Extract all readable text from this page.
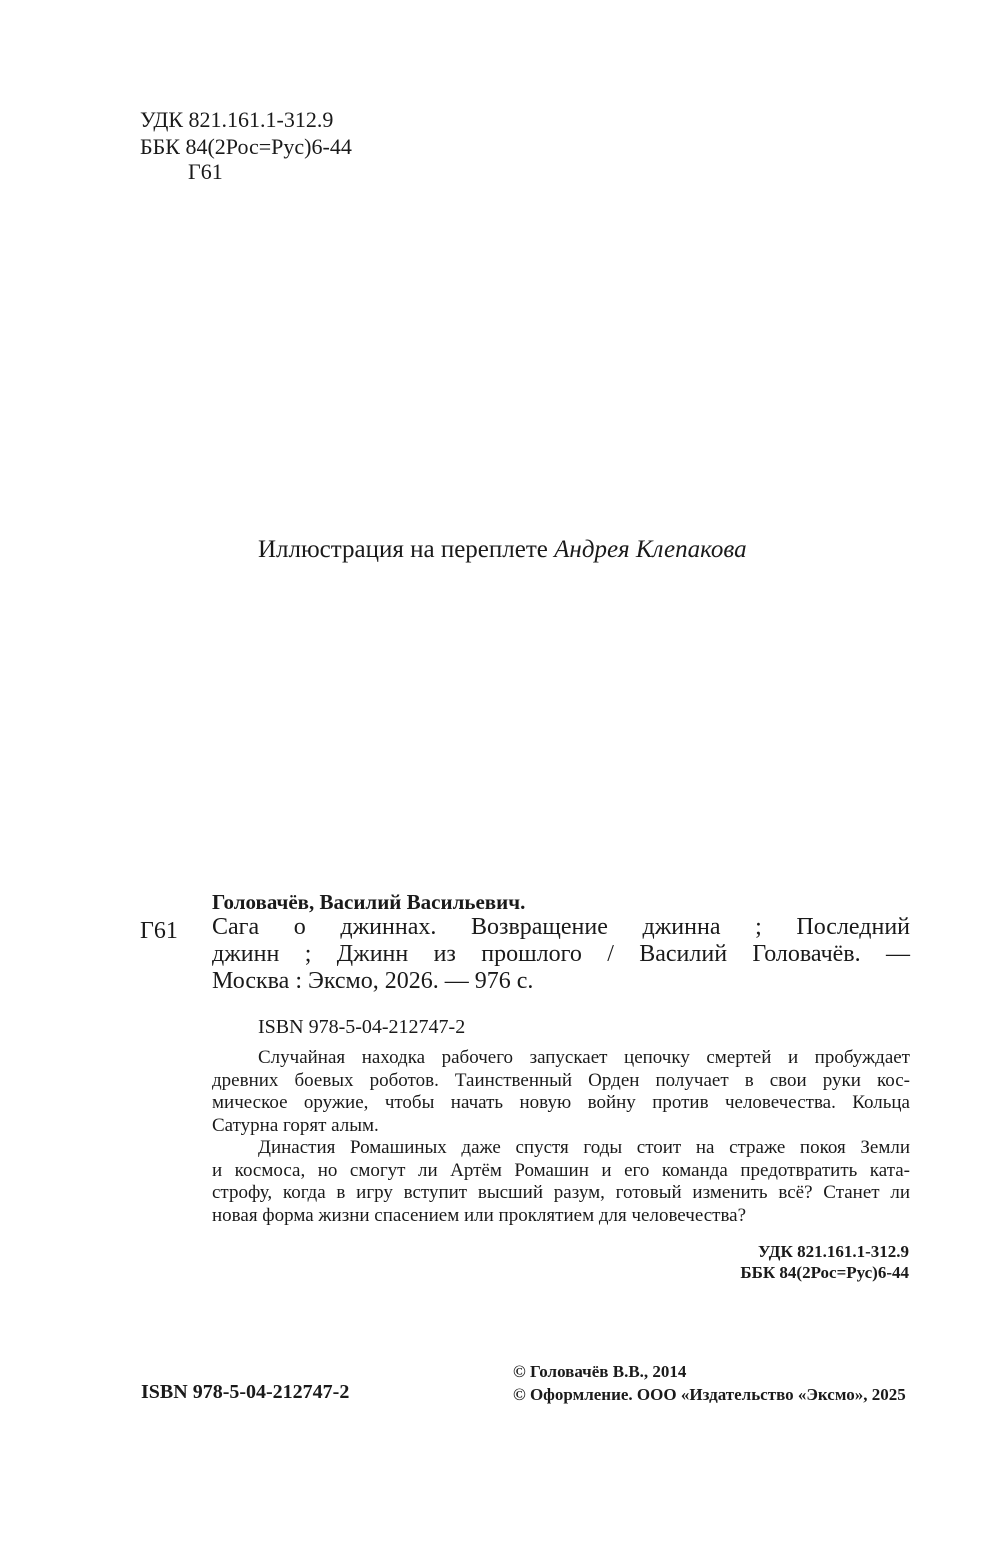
УДК 821.161.1-312.9
ББК 84(2Рос=Рус)6-44
Г61
Иллюстрация на переплете Андрея Клепакова
Головачёв, Василий Васильевич.
Г61 Сага о джиннах. Возвращение джинна ; Последний
джинн ; Джинн из прошлого / Василий Головачёв. —
Москва : Эксмо, 2026. — 976 с.
ISBN 978-5-04-212747-2
Случайная находка рабочего запускает цепочку смертей и пробуждает
древних боевых роботов. Таинственный Орден получает в свои руки кос-
мическое оружие, чтобы начать новую войну против человечества. Кольца
Сатурна горят алым.
Династия Ромашиных даже спустя годы стоит на страже покоя Земли
и космоса, но смогут ли Артём Ромашин и его команда предотвратить ката-
строфу, когда в игру вступит высший разум, готовый изменить всё? Станет ли
новая форма жизни спасением или проклятием для человечества?
УДК 821.161.1-312.9
ББК 84(2Рос=Рус)6-44
ISBN 978-5-04-212747-2
© Головачёв В.В., 2014
© Оформление. ООО «Издательство «Эксмо», 2025
